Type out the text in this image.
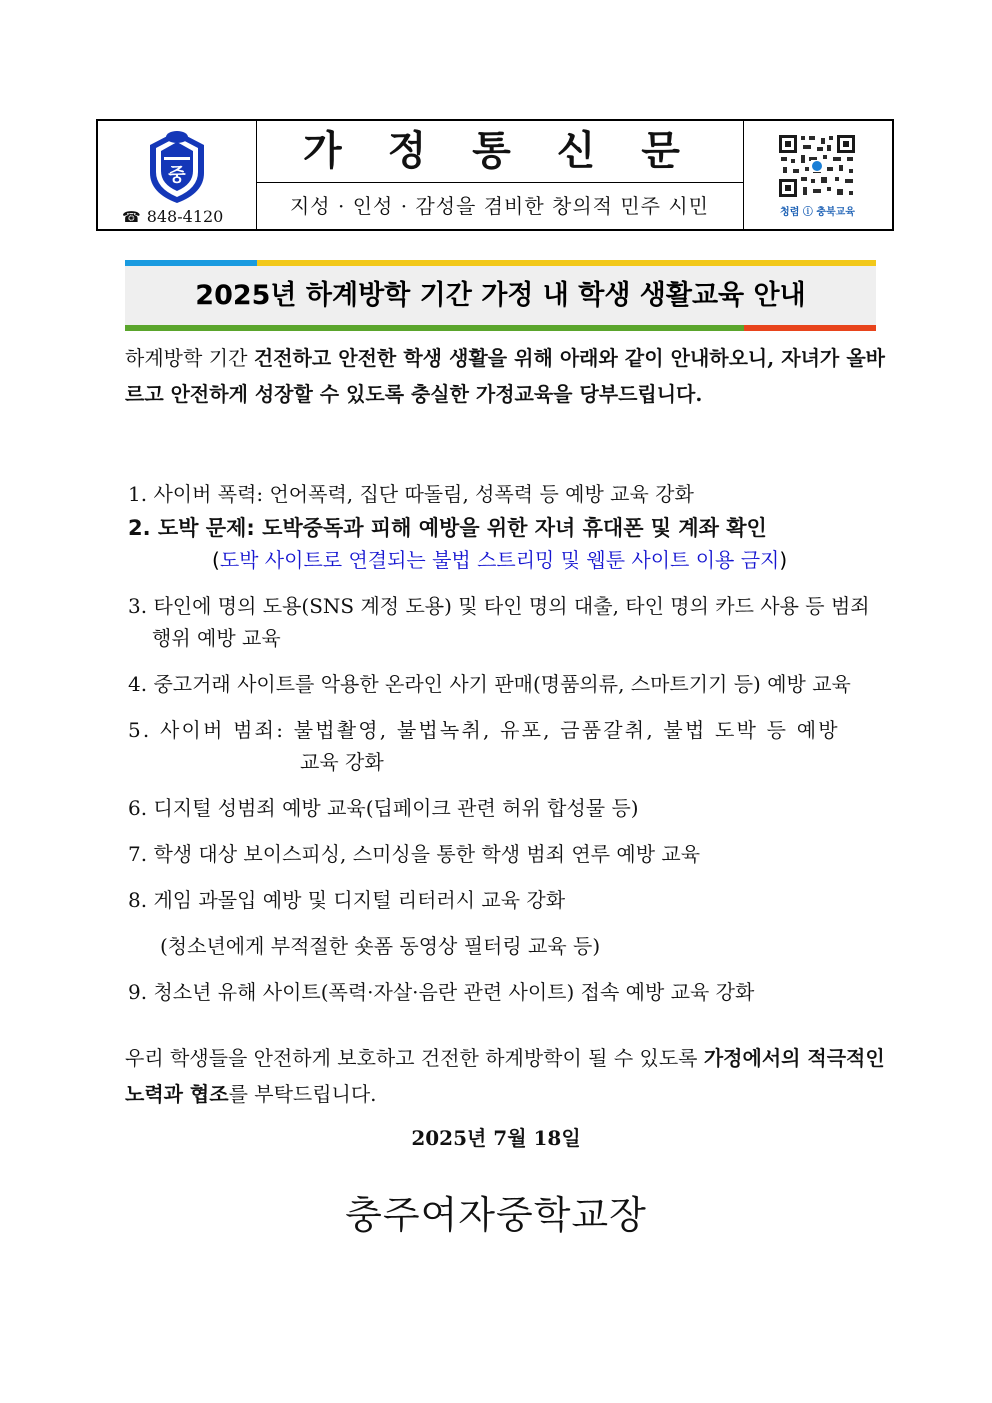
중
☎ 848-4120
가 정 통 신 문
지성 · 인성 · 감성을 겸비한 창의적 민주 시민	청렴 ⓘ 충북교육
2025년 하계방학 기간 가정 내 학생 생활교육 안내
하계방학 기간 건전하고 안전한 학생 생활을 위해 아래와 같이 안내하오니, 자녀가 올바르고 안전하게 성장할 수 있도록 충실한 가정교육을 당부드립니다.
1. 사이버 폭력: 언어폭력, 집단 따돌림, 성폭력 등 예방 교육 강화
2. 도박 문제: 도박중독과 피해 예방을 위한 자녀 휴대폰 및 계좌 확인
(도박 사이트로 연결되는 불법 스트리밍 및 웹툰 사이트 이용 금지)
3. 타인에 명의 도용(SNS 계정 도용) 및 타인 명의 대출, 타인 명의 카드 사용 등 범죄 행위 예방 교육
4. 중고거래 사이트를 악용한 온라인 사기 판매(명품의류, 스마트기기 등) 예방 교육
5. 사이버 범죄: 불법촬영, 불법녹취, 유포, 금품갈취, 불법 도박 등 예방
교육 강화
6. 디지털 성범죄 예방 교육(딥페이크 관련 허위 합성물 등)
7. 학생 대상 보이스피싱, 스미싱을 통한 학생 범죄 연루 예방 교육
8. 게임 과몰입 예방 및 디지털 리터러시 교육 강화
(청소년에게 부적절한 숏폼 동영상 필터링 교육 등)
9. 청소년 유해 사이트(폭력·자살·음란 관련 사이트) 접속 예방 교육 강화
우리 학생들을 안전하게 보호하고 건전한 하계방학이 될 수 있도록 가정에서의 적극적인 노력과 협조를 부탁드립니다.
2025년 7월 18일
충주여자중학교장
